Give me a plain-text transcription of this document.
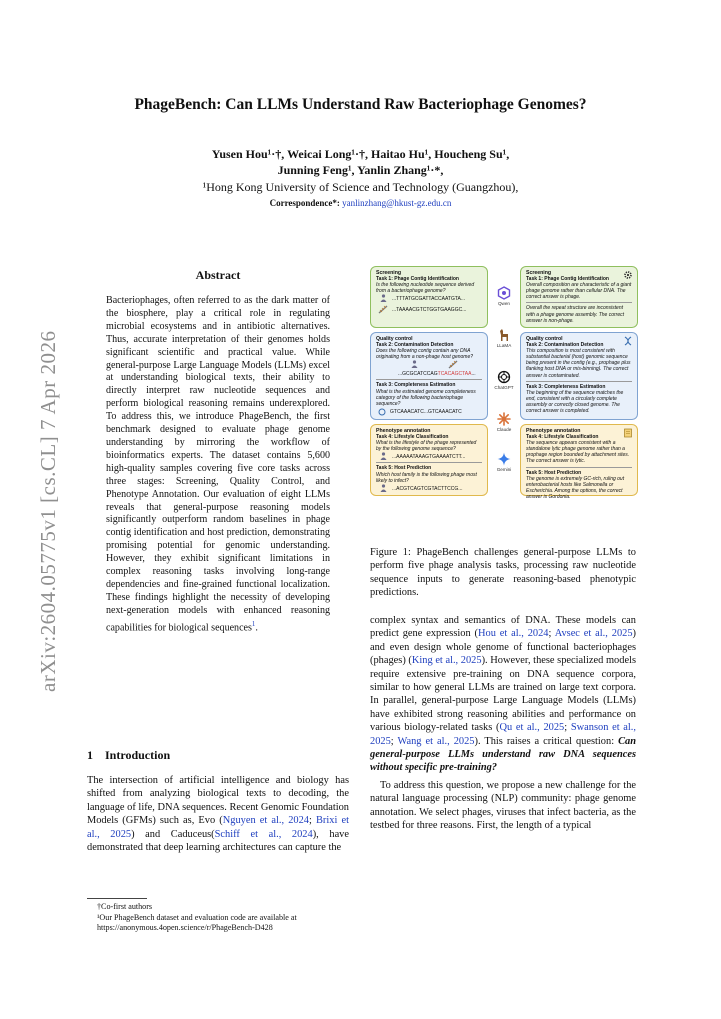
arXiv:2604.05775v1 [cs.CL] 7 Apr 2026
PhageBench: Can LLMs Understand Raw Bacteriophage Genomes?
Yusen Hou¹·†, Weicai Long¹·†, Haitao Hu¹, Houcheng Su¹,
Junning Feng¹, Yanlin Zhang¹·*,
¹Hong Kong University of Science and Technology (Guangzhou),
Correspondence*: yanlinzhang@hkust-gz.edu.cn
Abstract
Bacteriophages, often referred to as the dark matter of the biosphere, play a critical role in regulating microbial ecosystems and in antibiotic alternatives. Thus, accurate interpretation of their genomes holds significant scientific and practical value. While general-purpose Large Language Models (LLMs) excel at understanding biological texts, their ability to directly interpret raw nucleotide sequences and perform biological reasoning remains underexplored. To address this, we introduce PhageBench, the first benchmark designed to evaluate phage genome understanding by mirroring the workflow of bioinformatics experts. The dataset contains 5,600 high-quality samples covering five core tasks across three stages: Screening, Quality Control, and Phenotype Annotation. Our evaluation of eight LLMs reveals that general-purpose reasoning models significantly outperform random baselines in phage contig identification and host prediction, demonstrating promising potential for genomic understanding. However, they exhibit significant limitations in complex reasoning tasks involving long-range dependencies and fine-grained functional localization. These findings highlight the necessity of developing next-generation models with enhanced reasoning capabilities for biological sequences$^1$.
1 Introduction
The intersection of artificial intelligence and biology has shifted from analyzing biological texts to decoding, the language of life, DNA sequences. Recent Genomic Foundation Models (GFMs) such as, Evo (Nguyen et al., 2024; Brixi et al., 2025) and Caduceus(Schiff et al., 2024), have demonstrated that deep learning architectures can capture the

†Co-first authors

¹Our PhageBench dataset and evaluation code are available at https://anonymous.4open.science/r/PhageBench-D428

complex syntax and semantics of DNA. These models can predict gene expression (Hou et al., 2024; Avsec et al., 2025) and even design whole genome of functional bacteriophages (phages) (King et al., 2025). However, these specialized models require extensive pre-training on DNA sequence corpora, similar to how general LLMs are trained on large text corpora. In parallel, general-purpose Large Language Models (LLMs) have exhibited strong reasoning abilities and performance on various biology-related tasks (Qu et al., 2025; Swanson et al., 2025; Wang et al., 2025). This raises a critical question: Can general-purpose LLMs understand raw DNA sequences without specific pre-training?

To address this question, we propose a new challenge for the natural language processing (NLP) community: phage genome annotation. We select phages, viruses that infect bacteria, as the testbed for three reasons. First, the length of a typical

Screening
Task 1: Phage Contig Identification
Is the following nucleotide sequence derived from a bacteriophage genome?
...TTTATGCGATTACCAATGTA...
...TAAAACGTCTGGTGAAGGC...
Quality control
Task 2: Contamination Detection
Does the following contig contain any DNA originating from a non-phage host genome?
...GCGCATCCAGTCACAGCTAA...
Task 3: Completeness Estimation
What is the estimated genome completeness category of the following bacteriophage sequence?
GTCAAACATC...GTCAAACATC
Phenotype annotation
Task 4: Lifestyle Classification
What is the lifestyle of the phage represented by the following genome sequence?
...AAAAATAAAGTGAAAATCTT...
Task 5: Host Prediction
Which host family is the following phage most likely to infect?
...ACGTCAGTCGTACTTCCG...
Qwen
LLaMA
ChatGPT
Claude
Gemini
Screening
Task 1: Phage Contig Identification
Overall composition are characteristic of a giant phage genome rather than cellular DNA. The correct answer is phage.
Overall the repeat structure are inconsistent with a phage genome assembly. The correct answer is non-phage.
Quality control
Task 2: Contamination Detection
This composition is most consistent with substantial bacterial (host) genomic sequence being present in the contig (e.g., prophage plus flanking host DNA or mis-binning). The correct answer is contaminated.
Task 3: Completeness Estimation
The beginning of the sequence matches the end, consistent with a circularly complete assembly or correctly closed genome. The correct answer is completed.
Phenotype annotation
Task 4: Lifestyle Classification
The sequence appears consistent with a standalone lytic phage genome rather than a prophage region bounded by attachment sites. The correct answer is lytic.
Task 5: Host Prediction
The genome is extremely GC-rich, ruling out enterobacterial hosts like Salmonella or Escherichia. Among the options, the correct answer is Gordonia.
Figure 1: PhageBench challenges general-purpose LLMs to perform five phage analysis tasks, processing raw nucleotide sequence inputs to generate reasoning-based phenotypic predictions.
